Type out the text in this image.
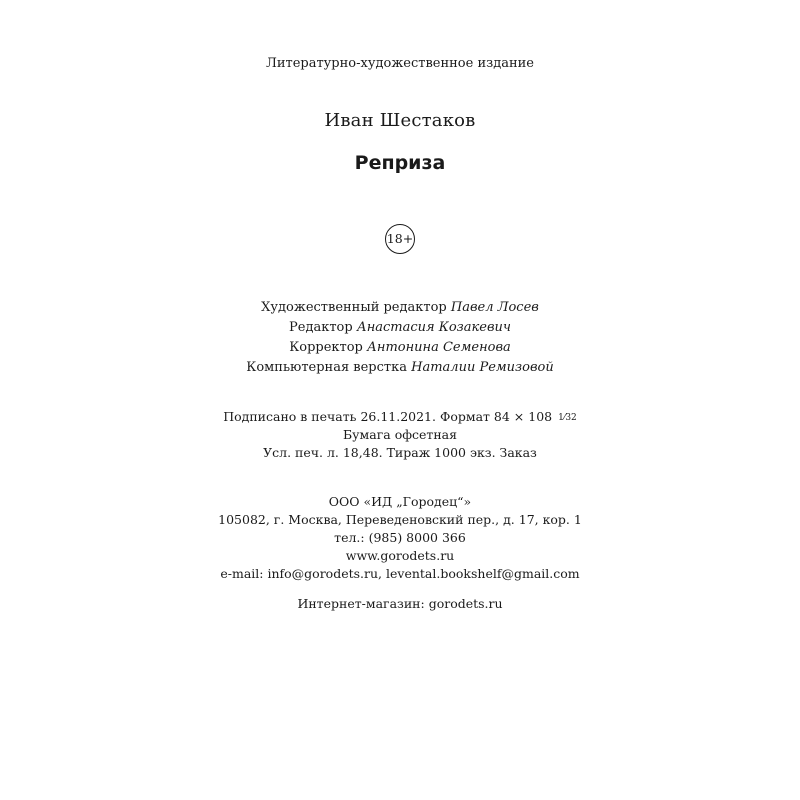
Литературно-художественное издание
Иван Шестаков
Реприза
18+
Художественный редактор Павел Лосев
Редактор Анастасия Козакевич
Корректор Антонина Семенова
Компьютерная верстка Наталии Ремизовой
Подписано в печать 26.11.2021. Формат 84 × 108 1⁄32
Бумага офсетная
Усл. печ. л. 18,48. Тираж 1000 экз. Заказ
ООО «ИД „Городец“»
105082, г. Москва, Переведеновский пер., д. 17, кор. 1
тел.: (985) 8000 366
www.gorodets.ru
e-mail: info@gorodets.ru, levental.bookshelf@gmail.com
Интернет-магазин: gorodets.ru
